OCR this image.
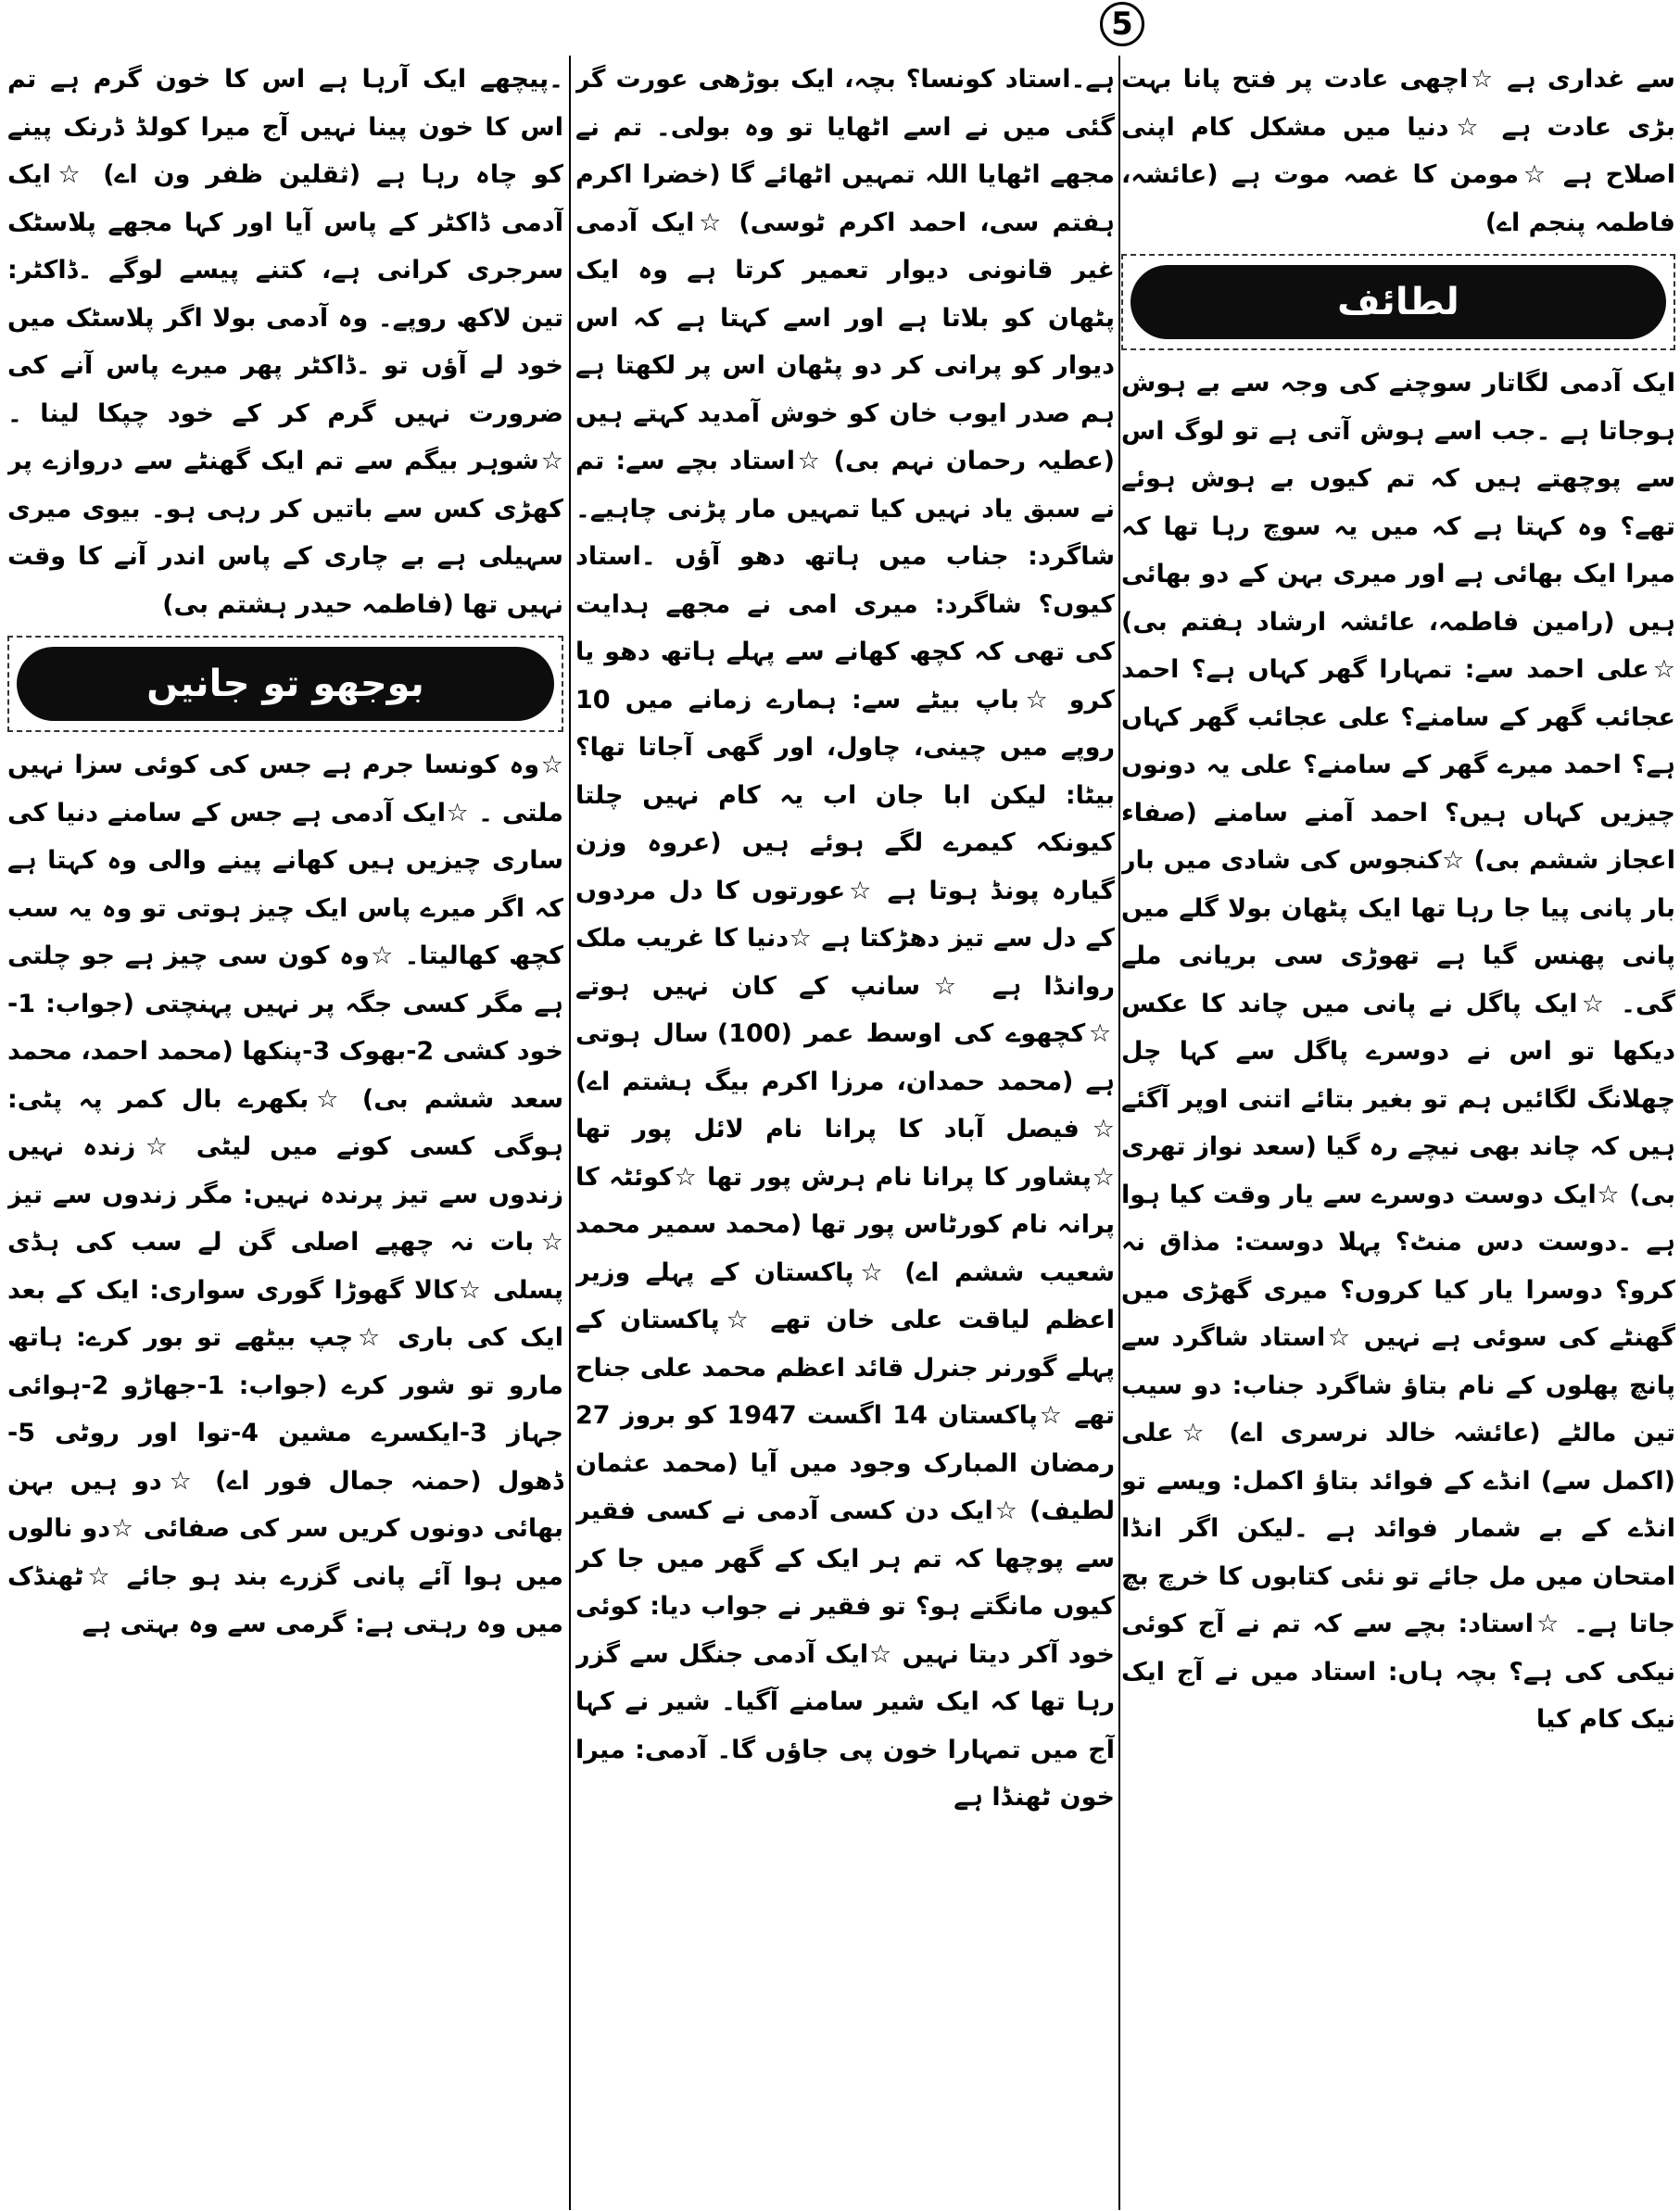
5

سے غداری ہے ☆اچھی عادت پر فتح پانا بہت بڑی عادت ہے ☆دنیا میں مشکل کام اپنی اصلاح ہے ☆مومن کا غصہ موت ہے (عائشہ، فاطمہ پنجم اے)

لطائف

ایک آدمی لگاتار سوچنے کی وجہ سے بے ہوش ہوجاتا ہے ۔جب اسے ہوش آتی ہے تو لوگ اس سے پوچھتے ہیں کہ تم کیوں بے ہوش ہوئے تھے؟ وہ کہتا ہے کہ میں یہ سوچ رہا تھا کہ میرا ایک بھائی ہے اور میری بہن کے دو بھائی ہیں (رامین فاطمہ، عائشہ ارشاد ہفتم بی) ☆علی احمد سے: تمہارا گھر کہاں ہے؟ احمد عجائب گھر کے سامنے؟ علی عجائب گھر کہاں ہے؟ احمد میرے گھر کے سامنے؟ علی یہ دونوں چیزیں کہاں ہیں؟ احمد آمنے سامنے (صفاء اعجاز ششم بی) ☆کنجوس کی شادی میں بار بار پانی پیا جا رہا تھا ایک پٹھان بولا گلے میں پانی پھنس گیا ہے تھوڑی سی بریانی ملے گی۔ ☆ایک پاگل نے پانی میں چاند کا عکس دیکھا تو اس نے دوسرے پاگل سے کہا چل چھلانگ لگائیں ہم تو بغیر بتائے اتنی اوپر آگئے ہیں کہ چاند بھی نیچے رہ گیا (سعد نواز تھری بی) ☆ایک دوست دوسرے سے یار وقت کیا ہوا ہے ۔دوست دس منٹ؟ پہلا دوست: مذاق نہ کرو؟ دوسرا یار کیا کروں؟ میری گھڑی میں گھنٹے کی سوئی ہے نہیں ☆استاد شاگرد سے پانچ پھلوں کے نام بتاؤ شاگرد جناب: دو سیب تین مالٹے (عائشہ خالد نرسری اے) ☆علی (اکمل سے) انڈے کے فوائد بتاؤ اکمل: ویسے تو انڈے کے بے شمار فوائد ہے ۔لیکن اگر انڈا امتحان میں مل جائے تو نئی کتابوں کا خرچ بچ جاتا ہے۔ ☆استاد: بچے سے کہ تم نے آج کوئی نیکی کی ہے؟ بچہ ہاں: استاد میں نے آج ایک نیک کام کیا

ہے۔استاد کونسا؟ بچہ، ایک بوڑھی عورت گر گئی میں نے اسے اٹھایا تو وہ بولی۔ تم نے مجھے اٹھایا اللہ تمہیں اٹھائے گا (خضرا اکرم ہفتم سی، احمد اکرم ٹوسی) ☆ایک آدمی غیر قانونی دیوار تعمیر کرتا ہے وہ ایک پٹھان کو بلاتا ہے اور اسے کہتا ہے کہ اس دیوار کو پرانی کر دو پٹھان اس پر لکھتا ہے ہم صدر ایوب خان کو خوش آمدید کہتے ہیں (عطیہ رحمان نہم بی) ☆استاد بچے سے: تم نے سبق یاد نہیں کیا تمہیں مار پڑنی چاہیے۔ شاگرد: جناب میں ہاتھ دھو آؤں ۔استاد کیوں؟ شاگرد: میری امی نے مجھے ہدایت کی تھی کہ کچھ کھانے سے پہلے ہاتھ دھو یا کرو ☆باپ بیٹے سے: ہمارے زمانے میں 10 روپے میں چینی، چاول، اور گھی آجاتا تھا؟ بیٹا: لیکن ابا جان اب یہ کام نہیں چلتا کیونکہ کیمرے لگے ہوئے ہیں (عروہ وزن گیارہ پونڈ ہوتا ہے ☆عورتوں کا دل مردوں کے دل سے تیز دھڑکتا ہے ☆دنیا کا غریب ملک روانڈا ہے ☆سانپ کے کان نہیں ہوتے ☆کچھوے کی اوسط عمر (100) سال ہوتی ہے (محمد حمدان، مرزا اکرم بیگ ہشتم اے) ☆فیصل آباد کا پرانا نام لائل پور تھا ☆پشاور کا پرانا نام ہرش پور تھا ☆کوئٹہ کا پرانہ نام کورٹاس پور تھا (محمد سمیر محمد شعیب ششم اے) ☆پاکستان کے پہلے وزیر اعظم لیاقت علی خان تھے ☆پاکستان کے پہلے گورنر جنرل قائد اعظم محمد علی جناح تھے ☆پاکستان 14 اگست 1947 کو بروز 27 رمضان المبارک وجود میں آیا (محمد عثمان لطیف) ☆ایک دن کسی آدمی نے کسی فقیر سے پوچھا کہ تم ہر ایک کے گھر میں جا کر کیوں مانگتے ہو؟ تو فقیر نے جواب دیا: کوئی خود آکر دیتا نہیں ☆ایک آدمی جنگل سے گزر رہا تھا کہ ایک شیر سامنے آگیا۔ شیر نے کہا آج میں تمہارا خون پی جاؤں گا۔ آدمی: میرا خون ٹھنڈا ہے

۔پیچھے ایک آرہا ہے اس کا خون گرم ہے تم اس کا خون پینا نہیں آج میرا کولڈ ڈرنک پینے کو چاہ رہا ہے (ثقلین ظفر ون اے) ☆ایک آدمی ڈاکٹر کے پاس آیا اور کہا مجھے پلاسٹک سرجری کرانی ہے، کتنے پیسے لوگے ۔ڈاکٹر: تین لاکھ روپے۔ وہ آدمی بولا اگر پلاسٹک میں خود لے آؤں تو ۔ڈاکٹر پھر میرے پاس آنے کی ضرورت نہیں گرم کر کے خود چپکا لینا ۔ ☆شوہر بیگم سے تم ایک گھنٹے سے دروازے پر کھڑی کس سے باتیں کر رہی ہو۔ بیوی میری سہیلی ہے بے چاری کے پاس اندر آنے کا وقت نہیں تھا (فاطمہ حیدر ہشتم بی)

بوجھو تو جانیں

☆وہ کونسا جرم ہے جس کی کوئی سزا نہیں ملتی ۔ ☆ایک آدمی ہے جس کے سامنے دنیا کی ساری چیزیں ہیں کھانے پینے والی وہ کہتا ہے کہ اگر میرے پاس ایک چیز ہوتی تو وہ یہ سب کچھ کھالیتا۔ ☆وہ کون سی چیز ہے جو چلتی ہے مگر کسی جگہ پر نہیں پہنچتی (جواب: 1-خود کشی 2-بھوک 3-پنکھا (محمد احمد، محمد سعد ششم بی) ☆بکھرے بال کمر پہ پٹی: ہوگی کسی کونے میں لیٹی ☆زندہ نہیں زندوں سے تیز پرندہ نہیں: مگر زندوں سے تیز ☆بات نہ چھپے اصلی گن لے سب کی ہڈی پسلی ☆کالا گھوڑا گوری سواری: ایک کے بعد ایک کی باری ☆چپ بیٹھے تو بور کرے: ہاتھ مارو تو شور کرے (جواب: 1-جھاڑو 2-ہوائی جہاز 3-ایکسرے مشین 4-توا اور روٹی 5-ڈھول (حمنہ جمال فور اے) ☆دو ہیں بہن بھائی دونوں کریں سر کی صفائی ☆دو نالوں میں ہوا آئے پانی گزرے بند ہو جائے ☆ٹھنڈک میں وہ رہتی ہے: گرمی سے وہ بہتی ہے
